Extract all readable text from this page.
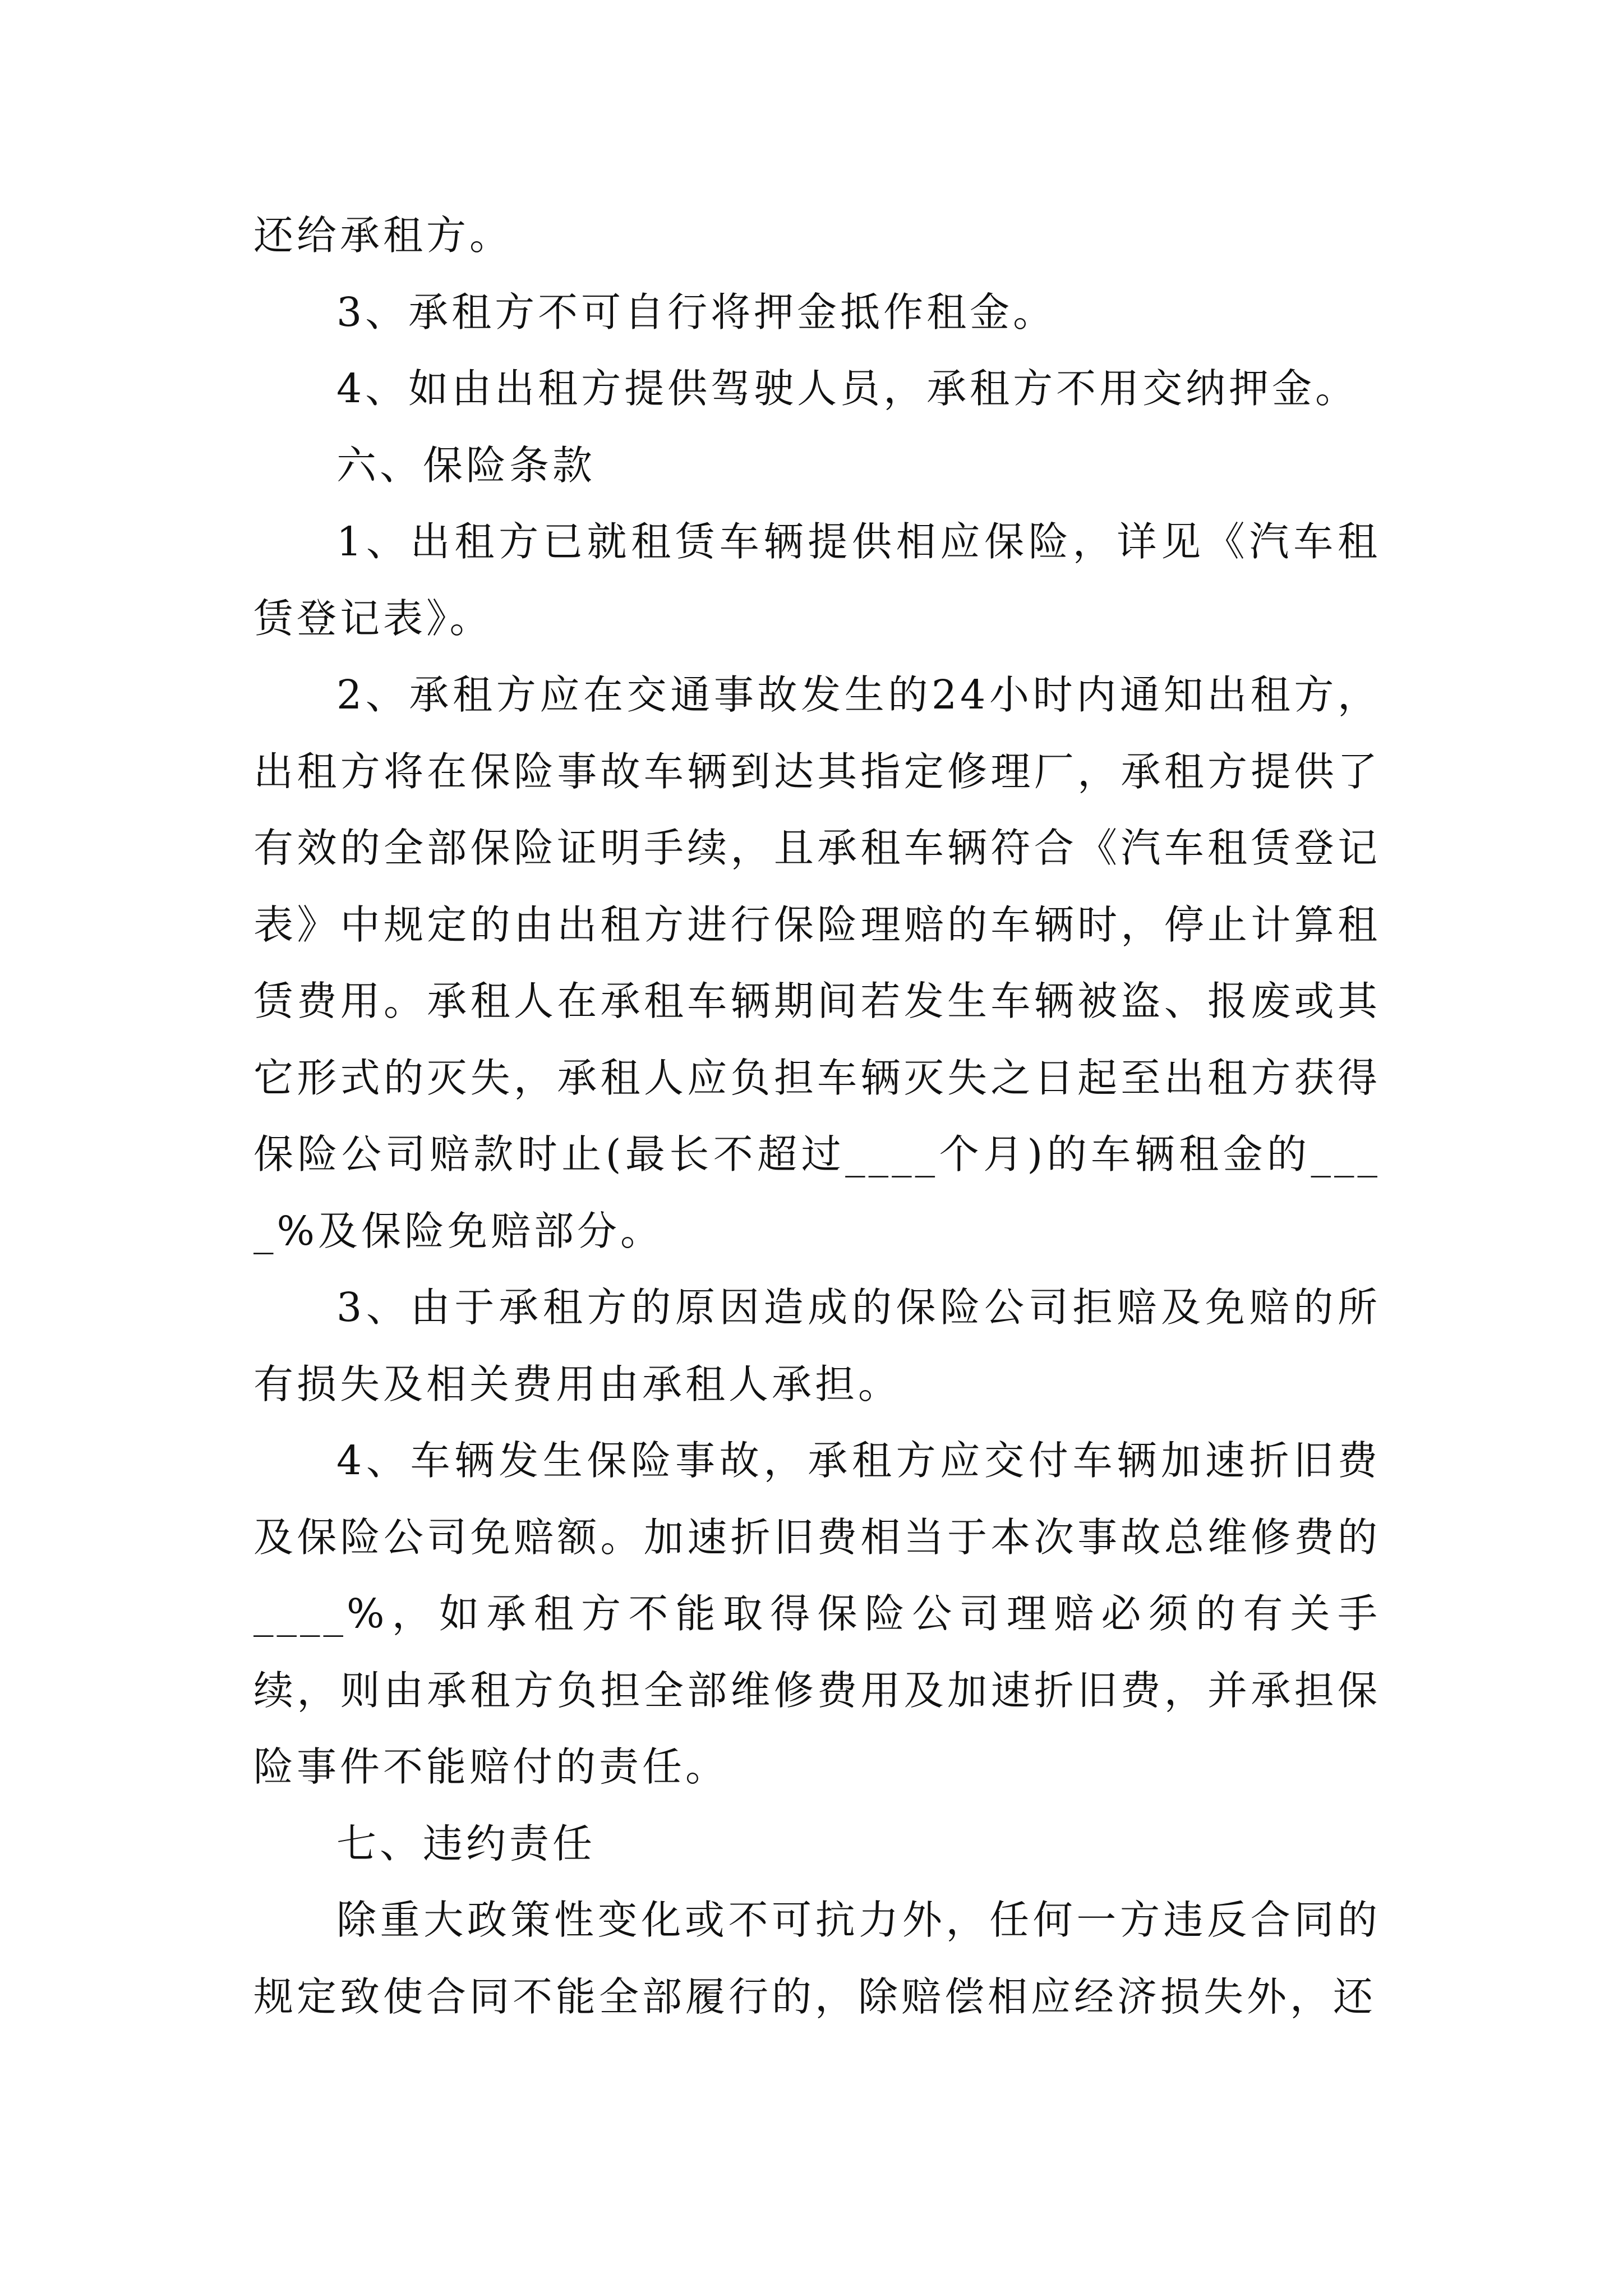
还给承租方。

3、承租方不可自行将押金抵作租金。

4、如由出租方提供驾驶人员，承租方不用交纳押金。

六、保险条款

1、出租方已就租赁车辆提供相应保险，详见《汽车租赁登记表》。

2、承租方应在交通事故发生的24小时内通知出租方，出租方将在保险事故车辆到达其指定修理厂，承租方提供了有效的全部保险证明手续，且承租车辆符合《汽车租赁登记表》中规定的由出租方进行保险理赔的车辆时，停止计算租赁费用。承租人在承租车辆期间若发生车辆被盗、报废或其它形式的灭失，承租人应负担车辆灭失之日起至出租方获得保险公司赔款时止(最长不超过____个月)的车辆租金的____%及保险免赔部分。

3、由于承租方的原因造成的保险公司拒赔及免赔的所有损失及相关费用由承租人承担。

4、车辆发生保险事故，承租方应交付车辆加速折旧费及保险公司免赔额。加速折旧费相当于本次事故总维修费的____%，如承租方不能取得保险公司理赔必须的有关手续，则由承租方负担全部维修费用及加速折旧费，并承担保险事件不能赔付的责任。

七、违约责任

除重大政策性变化或不可抗力外，任何一方违反合同的规定致使合同不能全部履行的，除赔偿相应经济损失外，还
